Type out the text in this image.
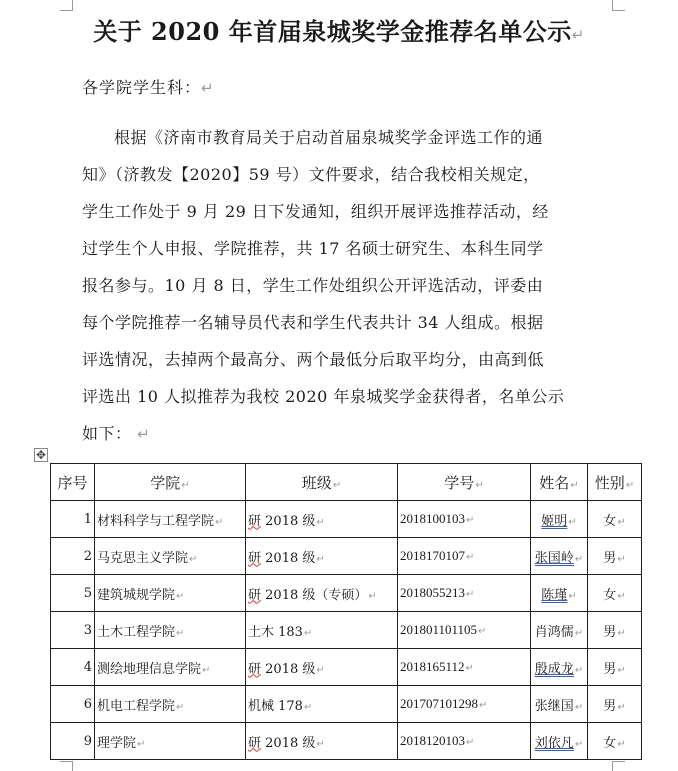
关于 2020 年首届泉城奖学金推荐名单公示↵
各学院学生科：↵
根据《济南市教育局关于启动首届泉城奖学金评选工作的通
知》（济教发【2020】59 号）文件要求，结合我校相关规定，
学生工作处于 9 月 29 日下发通知，组织开展评选推荐活动，经
过学生个人申报、学院推荐，共 17 名硕士研究生、本科生同学
报名参与。10 月 8 日，学生工作处组织公开评选活动，评委由
每个学院推荐一名辅导员代表和学生代表共计 34 人组成。根据
评选情况，去掉两个最高分、两个最低分后取平均分，由高到低
评选出 10 人拟推荐为我校 2020 年泉城奖学金获得者，名单公示
如下： ↵
✥
序号	学院↵	班级↵	学号↵	姓名↵	性别↵
1	材料科学与工程学院↵	研 2018 级↵	2018100103↵	姬明↵	女↵
2	马克思主义学院↵	研 2018 级↵	2018170107↵	张国岭↵	男↵
5	建筑城规学院↵	研 2018 级（专硕）↵	2018055213↵	陈瑾↵	女↵
3	土木工程学院↵	土木 183↵	201801101105↵	肖鸿儒↵	男↵
4	测绘地理信息学院↵	研 2018 级↵	2018165112↵	殷成龙↵	男↵
6	机电工程学院↵	机械 178↵	201707101298↵	张继国↵	男↵
9	理学院↵	研 2018 级↵	2018120103↵	刘依凡↵	女↵
